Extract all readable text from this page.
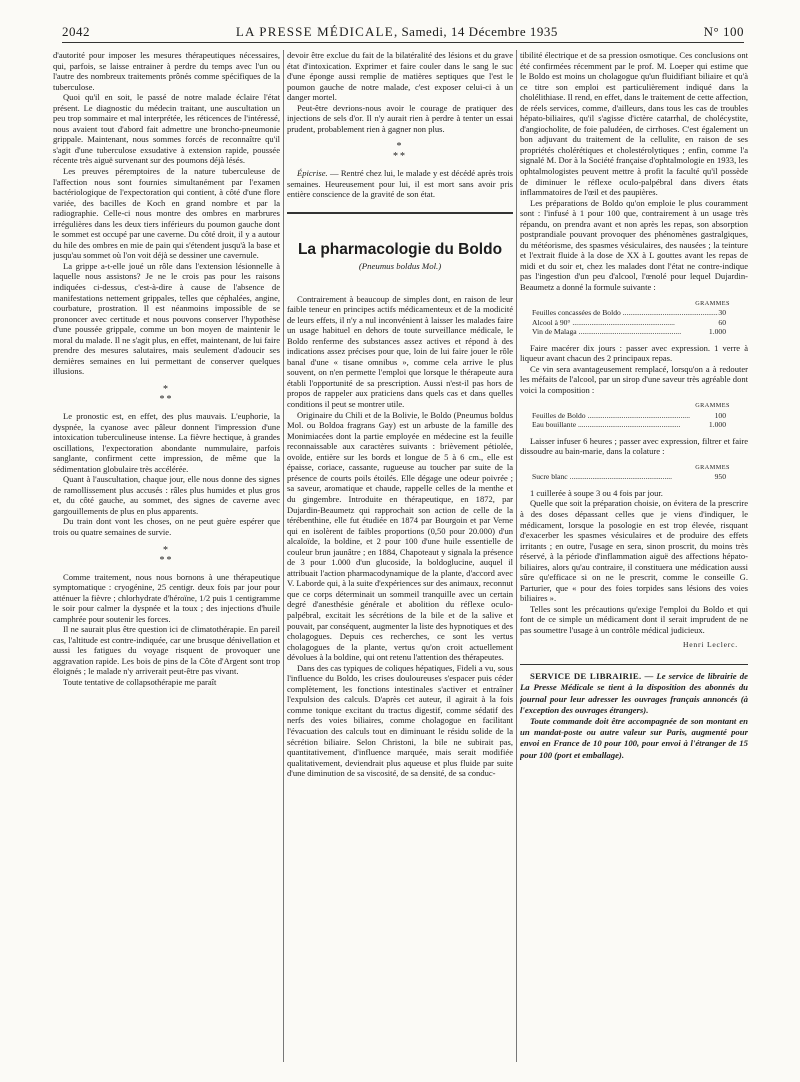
2042	LA PRESSE MÉDICALE, Samedi, 14 Décembre 1935	N° 100

d'autorité pour imposer les mesures thérapeutiques nécessaires, qui, parfois, se laisse entrainer à perdre du temps avec l'un ou l'autre des nombreux traitements prônés comme spécifiques de la tuberculose.

Quoi qu'il en soit, le passé de notre malade éclaire l'état présent. Le diagnostic du médecin traitant, une auscultation un peu trop sommaire et mal interprétée, les réticences de l'intéressé, nous avaient tout d'abord fait admettre une broncho-pneumonie grippale. Maintenant, nous sommes forcés de reconnaître qu'il s'agit d'une tuberculose exsudative à extension rapide, poussée récente très aiguë survenant sur des poumons déjà lésés.

Les preuves péremptoires de la nature tuberculeuse de l'affection nous sont fournies simultanément par l'examen bactériologique de l'expectoration qui contient, à côté d'une flore variée, des bacilles de Koch en grand nombre et par la radiographie. Celle-ci nous montre des ombres en marbrures irrégulières dans les deux tiers inférieurs du poumon gauche dont le sommet est occupé par une caverne. Du côté droit, il y a autour du hile des ombres en mie de pain qui s'étendent jusqu'à la base et jusqu'au sommet où l'on voit déjà se dessiner une cavernule.

La grippe a-t-elle joué un rôle dans l'extension lésionnelle à laquelle nous assistons? Je ne le crois pas pour les raisons indiquées ci-dessus, c'est-à-dire à cause de l'absence de manifestations nettement grippales, telles que céphalées, angine, courbature, prostration. Il est néanmoins impossible de se prononcer avec certitude et nous pouvons conserver l'hypothèse d'une poussée grippale, comme un bon moyen de maintenir le moral du malade. Il ne s'agit plus, en effet, maintenant, de lui faire prendre des mesures salutaires, mais seulement d'adoucir ses dernières semaines en lui permettant de conserver quelques illusions.

*
**

Le pronostic est, en effet, des plus mauvais. L'euphorie, la dyspnée, la cyanose avec pâleur donnent l'impression d'une intoxication tuberculineuse intense. La fièvre hectique, à grandes oscillations, l'expectoration abondante nummulaire, parfois sanglante, confirment cette impression, de même que la sédimentation globulaire très accélérée.

Quant à l'auscultation, chaque jour, elle nous donne des signes de ramollissement plus accusés : râles plus humides et plus gros et, du côté gauche, au sommet, des signes de caverne avec gargouillements de plus en plus apparents.

Du train dont vont les choses, on ne peut guère espérer que trois ou quatre semaines de survie.

*
**

Comme traitement, nous nous bornons à une thérapeutique symptomatique : cryogénine, 25 centigr. deux fois par jour pour atténuer la fièvre ; chlorhydrate d'héroïne, 1/2 puis 1 centigramme le soir pour calmer la dyspnée et la toux ; des injections d'huile camphrée pour soutenir les forces.

Il ne saurait plus être question ici de climatothérapie. En pareil cas, l'altitude est contre-indiquée, car une brusque dénivellation et aussi les fatigues du voyage risquent de provoquer une aggravation rapide. Les bois de pins de la Côte d'Argent sont trop éloignés ; le malade n'y arriverait peut-être pas vivant.

Toute tentative de collapsothérapie me paraît

devoir être exclue du fait de la bilatéralité des lésions et du grave état d'intoxication. Exprimer et faire couler dans le sang le suc d'une éponge aussi remplie de matières septiques que l'est le poumon gauche de notre malade, c'est exposer celui-ci à un danger mortel.

Peut-être devrions-nous avoir le courage de pratiquer des injections de sels d'or. Il n'y aurait rien à perdre à tenter un essai prudent, probablement rien à gagner non plus.

*
**

Épicrise. — Rentré chez lui, le malade y est décédé après trois semaines. Heureusement pour lui, il est mort sans avoir pris entière conscience de la gravité de son état.

La pharmacologie du Boldo
(Pneumus boldus Mol.)

Contrairement à beaucoup de simples dont, en raison de leur faible teneur en principes actifs médicamenteux et de la modicité de leurs effets, il n'y a nul inconvénient à laisser les malades faire un usage habituel en dehors de toute surveillance médicale, le Boldo renferme des substances assez actives et répond à des indications assez précises pour que, loin de lui faire jouer le rôle banal d'une « tisane omnibus », comme cela arrive le plus souvent, on n'en permette l'emploi que lorsque le thérapeute aura établi l'opportunité de sa prescription. Aussi n'est-il pas hors de propos de rappeler aux praticiens dans quels cas et dans quelles conditions il peut se montrer utile.

Originaire du Chili et de la Bolivie, le Boldo (Pneumus boldus Mol. ou Boldoa fragrans Gay) est un arbuste de la famille des Monimiacées dont la partie employée en médecine est la feuille reconnaissable aux caractères suivants : brièvement pétiolée, ovoïde, entière sur les bords et longue de 5 à 6 cm., elle est épaisse, coriace, cassante, rugueuse au toucher par suite de la présence de courts poils étoilés. Elle dégage une odeur poivrée ; sa saveur, aromatique et chaude, rappelle celles de la menthe et du gingembre. Introduite en thérapeutique, en 1872, par Dujardin-Beaumetz qui rapprochait son action de celle de la térébenthine, elle fut étudiée en 1874 par Bourgoin et par Verne qui en isolèrent de faibles proportions (0,50 pour 20.000) d'un alcaloïde, la boldine, et 2 pour 100 d'une huile essentielle de couleur brun jaunâtre ; en 1884, Chapoteaut y signala la présence de 3 pour 1.000 d'un glucoside, la boldoglucine, auquel il attribuait l'action pharmacodynamique de la plante, d'accord avec V. Laborde qui, à la suite d'expériences sur des animaux, reconnut que ce corps déterminait un sommeil tranquille avec un certain degré d'anesthésie générale et abolition du réflexe oculo-palpébral, excitait les sécrétions de la bile et de la salive et pouvait, par conséquent, augmenter la liste des hypnotiques et des cholagogues. Depuis ces recherches, ce sont les vertus cholagogues de la plante, vertus qu'on croit actuellement dévolues à la boldine, qui ont retenu l'attention des thérapeutes.

Dans des cas typiques de coliques hépatiques, Fideli a vu, sous l'influence du Boldo, les crises douloureuses s'espacer puis céder complètement, les fonctions intestinales s'activer et entraîner l'expulsion des calculs. D'après cet auteur, il agirait à la fois comme tonique excitant du tractus digestif, comme sédatif des nerfs des voies biliaires, comme cholagogue en facilitant l'évacuation des calculs tout en diminuant le résidu solide de la sécrétion biliaire. Selon Christoni, la bile ne subirait pas, quantitativement, d'influence marquée, mais serait modifiée qualitativement, deviendrait plus aqueuse et plus fluide par suite d'une diminution de sa viscosité, de sa densité, de sa conduc-

tibilité électrique et de sa pression osmotique. Ces conclusions ont été confirmées récemment par le prof. M. Loeper qui estime que le Boldo est moins un cholagogue qu'un fluidifiant biliaire et qu'à ce titre son emploi est particulièrement indiqué dans la cholélithiase. Il rend, en effet, dans le traitement de cette affection, de réels services, comme, d'ailleurs, dans tous les cas de troubles hépato-biliaires, qu'il s'agisse d'ictère catarrhal, de cholécystite, d'angiocholite, de foie paludéen, de cirrhoses. C'est également un bon adjuvant du traitement de la cellulite, en raison de ses propriétés cholérétiques et cholestérolytiques ; enfin, comme l'a signalé M. Dor à la Société française d'ophtalmologie en 1933, les ophtalmologistes peuvent mettre à profit la faculté qu'il possède de diminuer le réflexe oculo-palpébral dans divers états inflammatoires de l'œil et des paupières.

Les préparations de Boldo qu'on emploie le plus couramment sont : l'infusé à 1 pour 100 que, contrairement à un usage très répandu, on prendra avant et non après les repas, son absorption postprandiale pouvant provoquer des phénomènes gastralgiques, du météorisme, des spasmes vésiculaires, des nausées ; la teinture et l'extrait fluide à la dose de XX à L gouttes avant les repas de midi et du soir et, chez les malades dont l'état ne contre-indique pas l'ingestion d'un peu d'alcool, l'œnolé pour lequel Dujardin-Beaumetz a donné la formule suivante :

GRAMMES
Feuilles concassées de Boldo .....	30
Alcool à 90° .....	60
Vin de Malaga .....	1.000

Faire macérer dix jours : passer avec expression. 1 verre à liqueur avant chacun des 2 principaux repas.

Ce vin sera avantageusement remplacé, lorsqu'on a à redouter les méfaits de l'alcool, par un sirop d'une saveur très agréable dont voici la composition :

GRAMMES
Feuilles de Boldo .....	100
Eau bouillante .....	1.000

Laisser infuser 6 heures ; passer avec expression, filtrer et faire dissoudre au bain-marie, dans la colature :

GRAMMES
Sucre blanc .....	950

1 cuillerée à soupe 3 ou 4 fois par jour.

Quelle que soit la préparation choisie, on évitera de la prescrire à des doses dépassant celles que je viens d'indiquer, le médicament, lorsque la posologie en est trop élevée, risquant d'exacerber les spasmes vésiculaires et de produire des effets irritants ; en outre, l'usage en sera, sinon proscrit, du moins très réservé, à la période d'inflammation aiguë des affections hépato-biliaires, alors qu'au contraire, il constituera une médication aussi sûre qu'efficace si on ne le prescrit, comme le conseille G. Parturier, que « pour des foies torpides sans lésions des voies biliaires ».

Telles sont les précautions qu'exige l'emploi du Boldo et qui font de ce simple un médicament dont il serait imprudent de ne pas soumettre l'usage à un contrôle médical judicieux.

Henri Leclerc.

SERVICE DE LIBRAIRIE. — Le service de librairie de La Presse Médicale se tient à la disposition des abonnés du journal pour leur adresser les ouvrages français annoncés (à l'exception des ouvrages étrangers).

Toute commande doit être accompagnée de son montant en un mandat-poste ou autre valeur sur Paris, augmenté pour envoi en France de 10 pour 100, pour envoi à l'étranger de 15 pour 100 (port et emballage).
